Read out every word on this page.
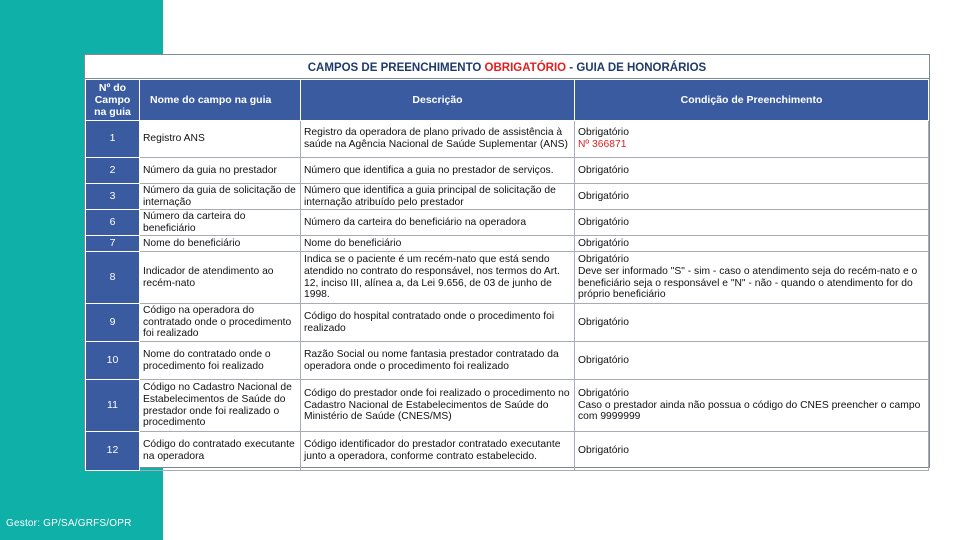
Gestor: GP/SA/GRFS/OPR
CAMPOS DE PREENCHIMENTO OBRIGATÓRIO - GUIA DE HONORÁRIOS
Nº do Campo na guia	Nome do campo na guia	Descrição	Condição de Preenchimento
1	Registro ANS	Registro da operadora de plano privado de assistência à saúde na Agência Nacional de Saúde Suplementar (ANS)	Obrigatório
Nº 366871

2	Número da guia no prestador	Número que identifica a guia no prestador de serviços.	Obrigatório

3	Número da guia de solicitação de internação	Número que identifica a guia principal de solicitação de internação atribuído pelo prestador	Obrigatório

6	Número da carteira do beneficiário	Número da carteira do beneficiário na operadora	Obrigatório

7	Nome do beneficiário	Nome do beneficiário	Obrigatório

8	Indicador de atendimento ao recém-nato	Indica se o paciente é um recém-nato que está sendo atendido no contrato do responsável, nos termos do Art. 12, inciso III, alínea a, da Lei 9.656, de 03 de junho de 1998.	Obrigatório
Deve ser informado "S" - sim - caso o atendimento seja do recém-nato e o beneficiário seja o responsável e "N" - não - quando o atendimento for do próprio beneficiário

9	Código na operadora do contratado onde o procedimento foi realizado	Código do hospital contratado onde o procedimento foi realizado	Obrigatório

10	Nome do contratado onde o procedimento foi realizado	Razão Social ou nome fantasia prestador contratado da operadora onde o procedimento foi realizado	Obrigatório

11	Código no Cadastro Nacional de Estabelecimentos de Saúde do prestador onde foi realizado o procedimento	Código do prestador onde foi realizado o procedimento no Cadastro Nacional de Estabelecimentos de Saúde do Ministério de Saúde (CNES/MS)	Obrigatório
Caso o prestador ainda não possua o código do CNES preencher o campo com 9999999

12	Código do contratado executante na operadora	Código identificador do prestador contratado executante junto a operadora, conforme contrato estabelecido.	Obrigatório
